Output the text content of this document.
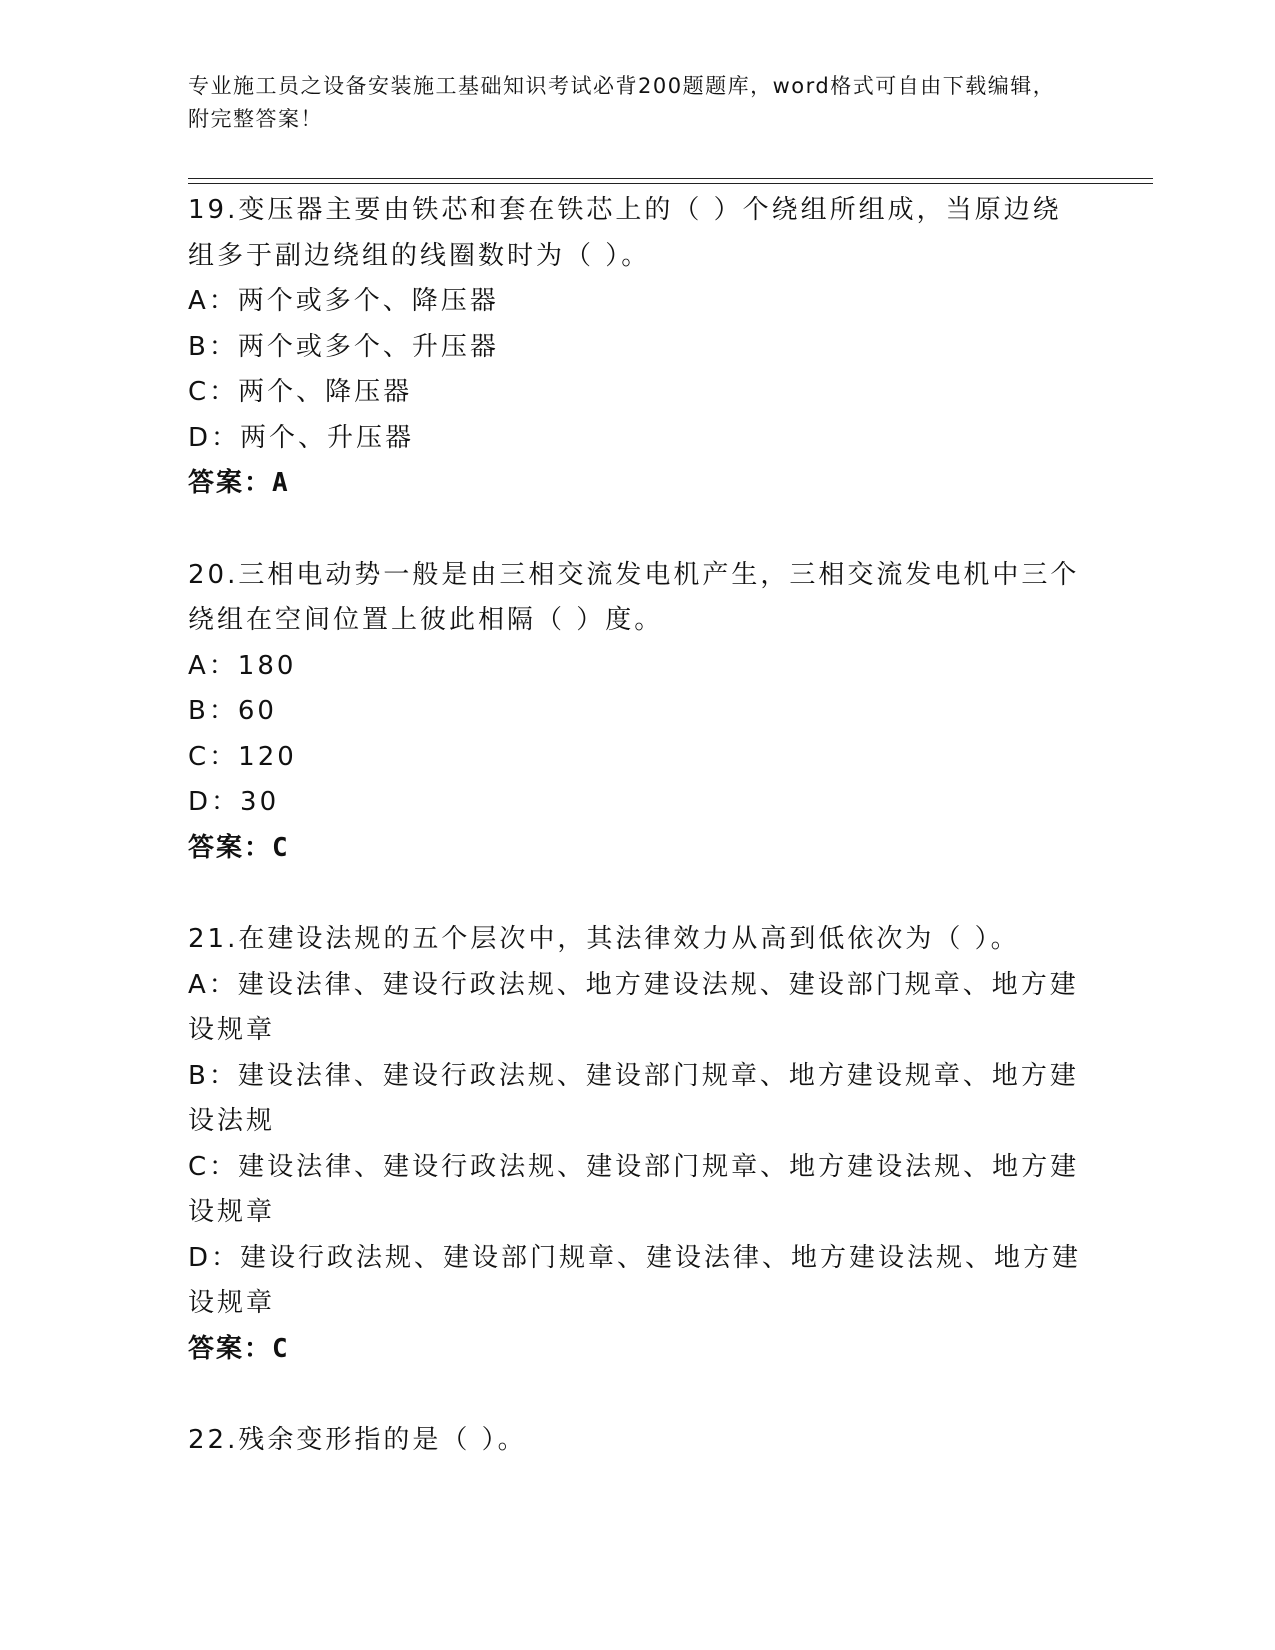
专业施工员之设备安装施工基础知识考试必背200题题库，word格式可自由下载编辑，附完整答案！
19.变压器主要由铁芯和套在铁芯上的（ ）个绕组所组成，当原边绕组多于副边绕组的线圈数时为（ ）。
A：两个或多个、降压器
B：两个或多个、升压器
C：两个、降压器
D：两个、升压器
答案：A
20.三相电动势一般是由三相交流发电机产生，三相交流发电机中三个绕组在空间位置上彼此相隔（ ）度。
A：180
B：60
C：120
D：30
答案：C
21.在建设法规的五个层次中，其法律效力从高到低依次为（ ）。
A：建设法律、建设行政法规、地方建设法规、建设部门规章、地方建设规章
B：建设法律、建设行政法规、建设部门规章、地方建设规章、地方建设法规
C：建设法律、建设行政法规、建设部门规章、地方建设法规、地方建设规章
D：建设行政法规、建设部门规章、建设法律、地方建设法规、地方建设规章
答案：C
22.残余变形指的是（ ）。
